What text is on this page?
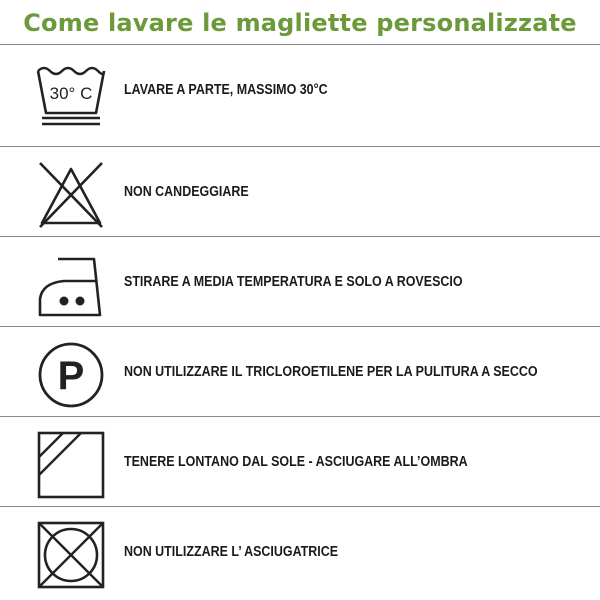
Come lavare le magliette personalizzate
30° C LAVARE A PARTE, MASSIMO 30°C
NON CANDEGGIARE
STIRARE A MEDIA TEMPERATURA E SOLO A ROVESCIO
P	NON UTILIZZARE IL TRICLOROETILENE PER LA PULITURA A SECCO
TENERE LONTANO DAL SOLE - ASCIUGARE ALL’OMBRA
NON UTILIZZARE L’ ASCIUGATRICE
